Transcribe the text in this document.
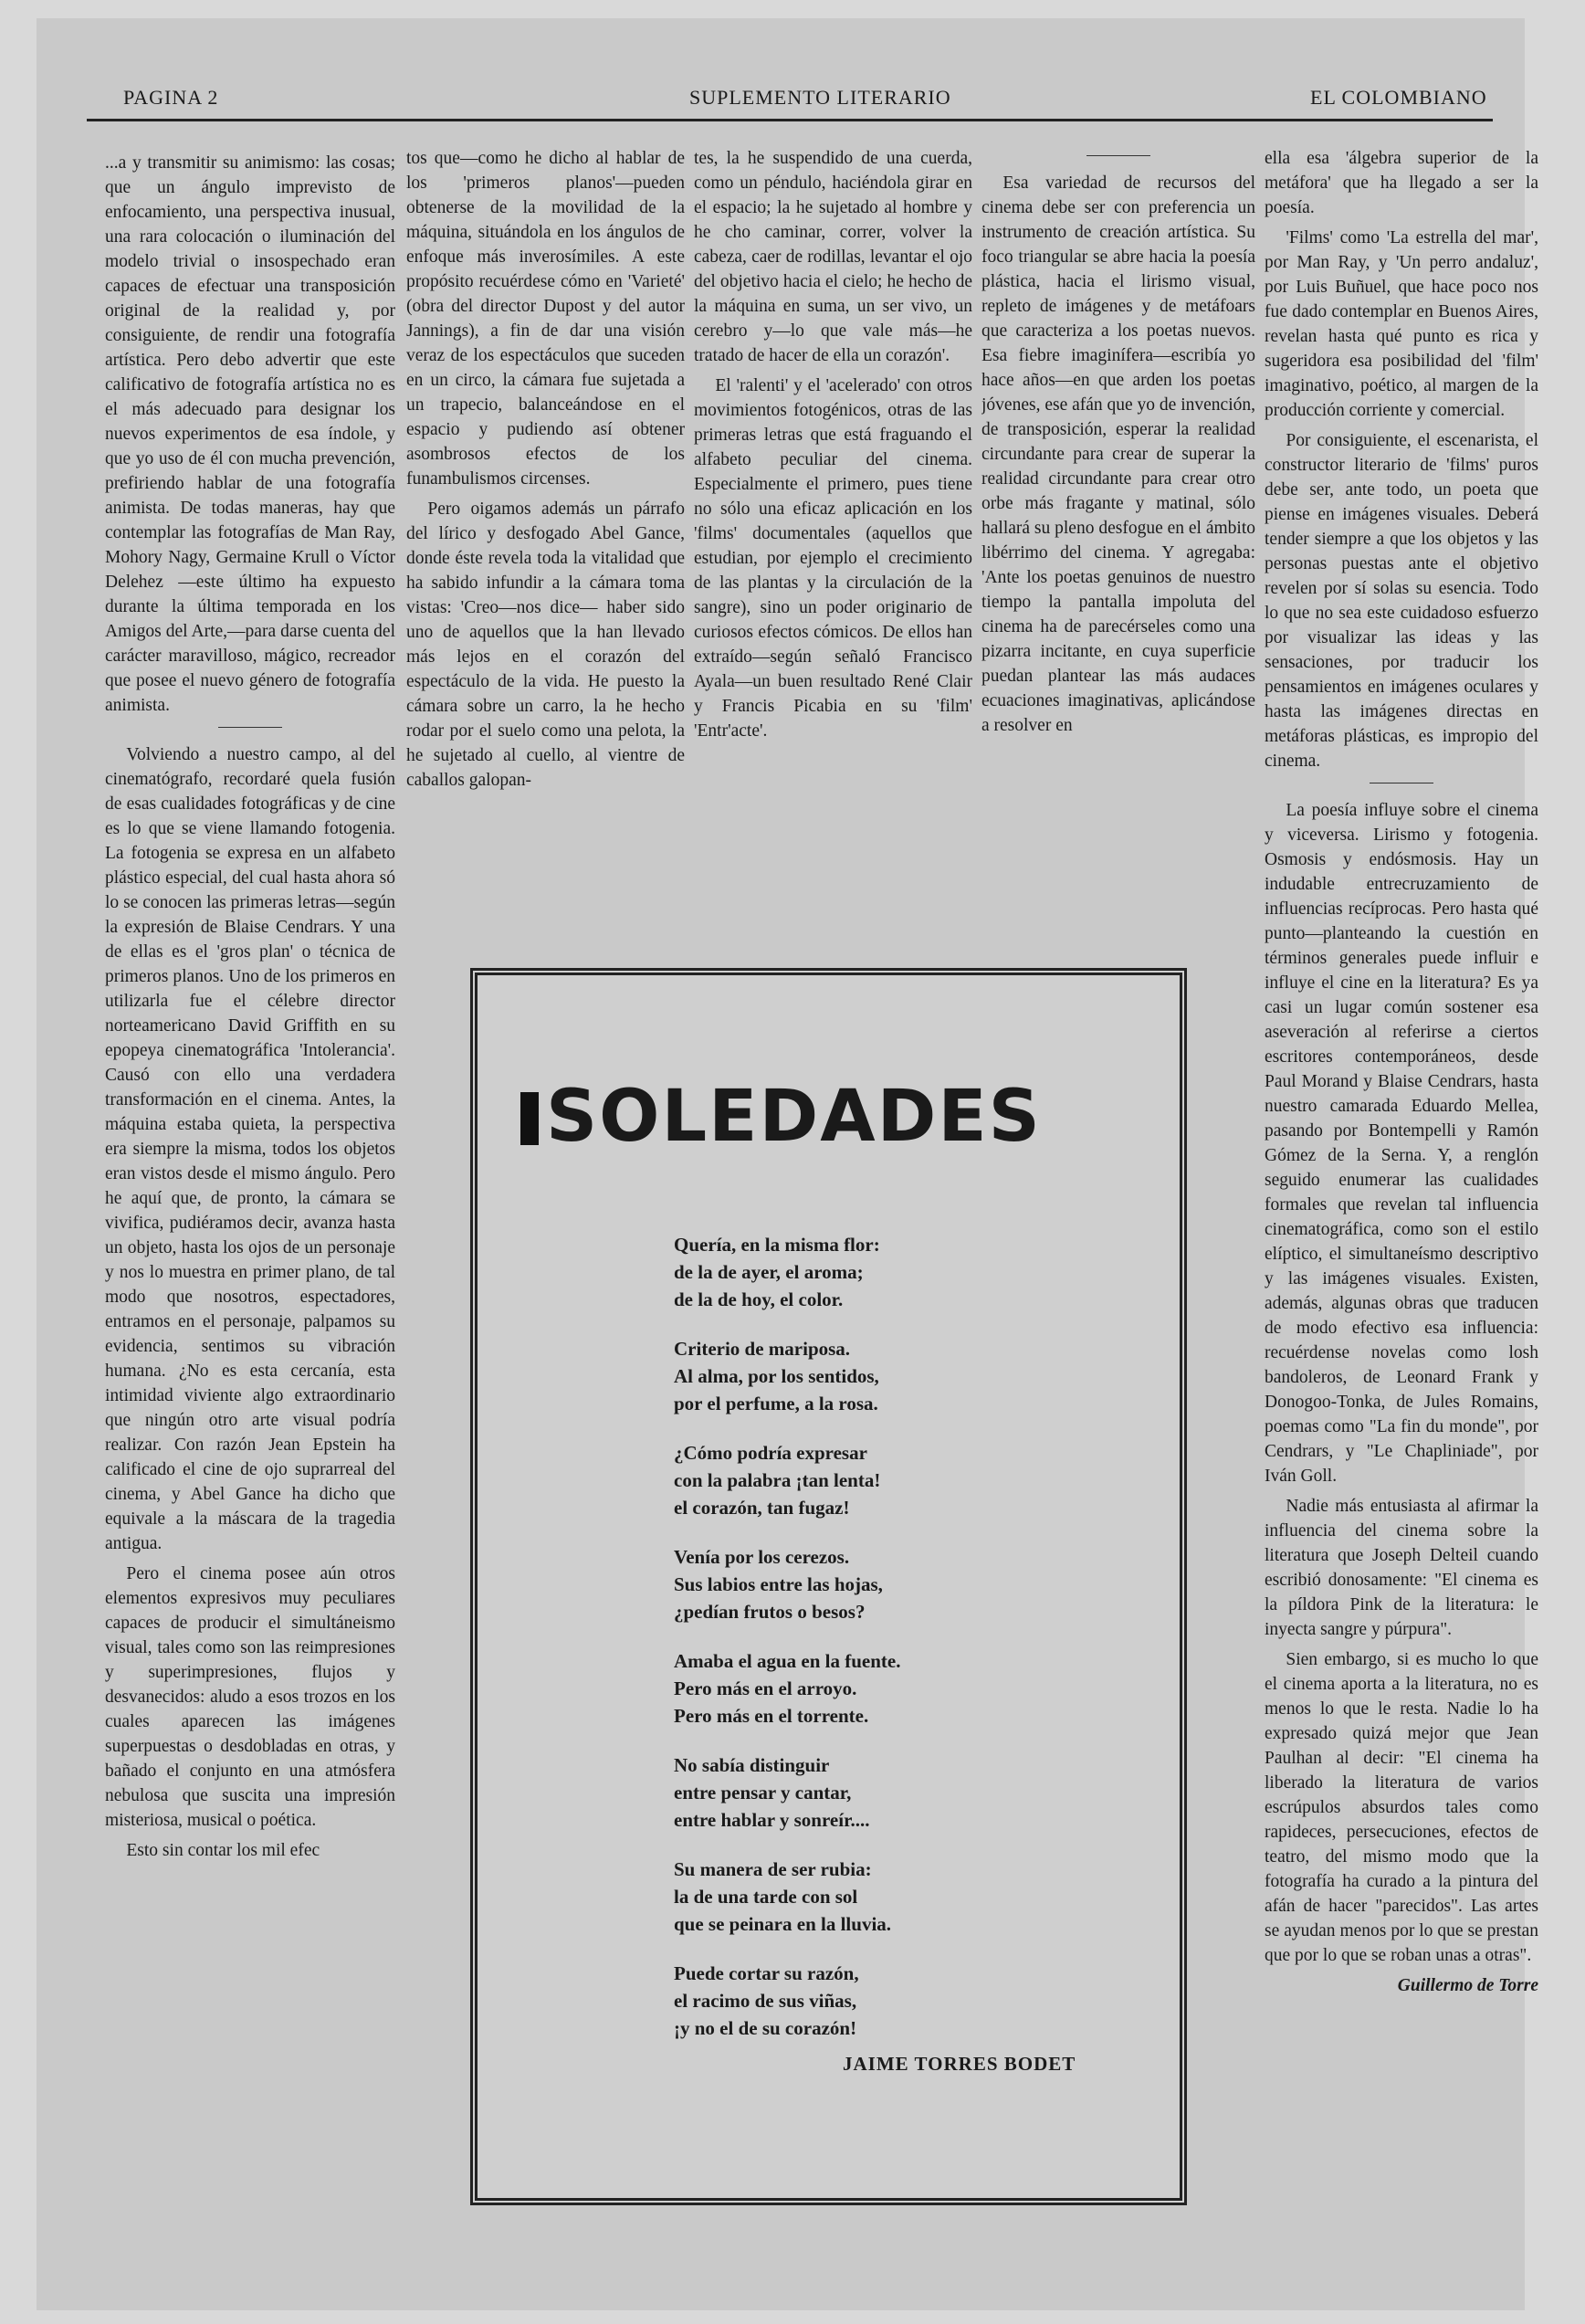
PAGINA 2	SUPLEMENTO LITERARIO	EL COLOMBIANO

...a y transmitir su animismo: las cosas; que un ángulo imprevisto de enfocamiento, una perspectiva inusual, una rara colocación o iluminación del modelo trivial o insospechado eran capaces de efectuar una transposición original de la realidad y, por consiguiente, de rendir una fotografía artística. Pero debo advertir que este calificativo de fotografía artística no es el más adecuado para designar los nuevos experimentos de esa índole, y que yo uso de él con mucha prevención, prefiriendo hablar de una fotografía animista. De todas maneras, hay que contemplar las fotografías de Man Ray, Mohory Nagy, Germaine Krull o Víctor Delehez —este último ha expuesto durante la última temporada en los Amigos del Arte,—para darse cuenta del carácter maravilloso, mágico, recreador que posee el nuevo género de fotografía animista.

Volviendo a nuestro campo, al del cinematógrafo, recordaré quela fusión de esas cualidades fotográficas y de cine es lo que se viene llamando fotogenia. La fotogenia se expresa en un alfabeto plástico especial, del cual hasta ahora só lo se conocen las primeras letras—según la expresión de Blaise Cendrars. Y una de ellas es el 'gros plan' o técnica de primeros planos. Uno de los primeros en utilizarla fue el célebre director norteamericano David Griffith en su epopeya cinematográfica 'Intolerancia'. Causó con ello una verdadera transformación en el cinema. Antes, la máquina estaba quieta, la perspectiva era siempre la misma, todos los objetos eran vistos desde el mismo ángulo. Pero he aquí que, de pronto, la cámara se vivifica, pudiéramos decir, avanza hasta un objeto, hasta los ojos de un personaje y nos lo muestra en primer plano, de tal modo que nosotros, espectadores, entramos en el personaje, palpamos su evidencia, sentimos su vibración humana. ¿No es esta cercanía, esta intimidad viviente algo extraordinario que ningún otro arte visual podría realizar. Con razón Jean Epstein ha calificado el cine de ojo suprarreal del cinema, y Abel Gance ha dicho que equivale a la máscara de la tragedia antigua.

Pero el cinema posee aún otros elementos expresivos muy peculiares capaces de producir el simultáneismo visual, tales como son las reimpresiones y superimpresiones, flujos y desvanecidos: aludo a esos trozos en los cuales aparecen las imágenes superpuestas o desdobladas en otras, y bañado el conjunto en una atmósfera nebulosa que suscita una impresión misteriosa, musical o poética.

Esto sin contar los mil efec

tos que—como he dicho al hablar de los 'primeros planos'—pueden obtenerse de la movilidad de la máquina, situándola en los ángulos de enfoque más inverosímiles. A este propósito recuérdese cómo en 'Varieté' (obra del director Dupost y del autor Jannings), a fin de dar una visión veraz de los espectáculos que suceden en un circo, la cámara fue sujetada a un trapecio, balanceándose en el espacio y pudiendo así obtener asombrosos efectos de los funambulismos circenses.

Pero oigamos además un párrafo del lírico y desfogado Abel Gance, donde éste revela toda la vitalidad que ha sabido infundir a la cámara toma vistas: 'Creo—nos dice— haber sido uno de aquellos que la han llevado más lejos en el corazón del espectáculo de la vida. He puesto la cámara sobre un carro, la he hecho rodar por el suelo como una pelota, la he sujetado al cuello, al vientre de caballos galopan-

tes, la he suspendido de una cuerda, como un péndulo, haciéndola girar en el espacio; la he sujetado al hombre y he cho caminar, correr, volver la cabeza, caer de rodillas, levantar el ojo del objetivo hacia el cielo; he hecho de la máquina en suma, un ser vivo, un cerebro y—lo que vale más—he tratado de hacer de ella un corazón'.

El 'ralenti' y el 'acelerado' con otros movimientos fotogénicos, otras de las primeras letras que está fraguando el alfabeto peculiar del cinema. Especialmente el primero, pues tiene no sólo una eficaz aplicación en los 'films' documentales (aquellos que estudian, por ejemplo el crecimiento de las plantas y la circulación de la sangre), sino un poder originario de curiosos efectos cómicos. De ellos han extraído—según señaló Francisco Ayala—un buen resultado René Clair y Francis Picabia en su 'film' 'Entr'acte'.

Esa variedad de recursos del cinema debe ser con preferencia un instrumento de creación artística. Su foco triangular se abre hacia la poesía plástica, hacia el lirismo visual, repleto de imágenes y de metáfoars que caracteriza a los poetas nuevos. Esa fiebre imaginífera—escribía yo hace años—en que arden los poetas jóvenes, ese afán que yo de invención, de transposición, esperar la realidad circundante para crear de superar la realidad circundante para crear otro orbe más fragante y matinal, sólo hallará su pleno desfogue en el ámbito libérrimo del cinema. Y agregaba: 'Ante los poetas genuinos de nuestro tiempo la pantalla impoluta del cinema ha de parecérseles como una pizarra incitante, en cuya superficie puedan plantear las más audaces ecuaciones imaginativas, aplicándose a resolver en

ella esa 'álgebra superior de la metáfora' que ha llegado a ser la poesía.

'Films' como 'La estrella del mar', por Man Ray, y 'Un perro andaluz', por Luis Buñuel, que hace poco nos fue dado contemplar en Buenos Aires, revelan hasta qué punto es rica y sugeridora esa posibilidad del 'film' imaginativo, poético, al margen de la producción corriente y comercial.

Por consiguiente, el escenarista, el constructor literario de 'films' puros debe ser, ante todo, un poeta que piense en imágenes visuales. Deberá tender siempre a que los objetos y las personas puestas ante el objetivo revelen por sí solas su esencia. Todo lo que no sea este cuidadoso esfuerzo por visualizar las ideas y las sensaciones, por traducir los pensamientos en imágenes oculares y hasta las imágenes directas en metáforas plásticas, es impropio del cinema.

La poesía influye sobre el cinema y viceversa. Lirismo y fotogenia. Osmosis y endósmosis. Hay un indudable entrecruzamiento de influencias recíprocas. Pero hasta qué punto—planteando la cuestión en términos generales puede influir e influye el cine en la literatura? Es ya casi un lugar común sostener esa aseveración al referirse a ciertos escritores contemporáneos, desde Paul Morand y Blaise Cendrars, hasta nuestro camarada Eduardo Mellea, pasando por Bontempelli y Ramón Gómez de la Serna. Y, a renglón seguido enumerar las cualidades formales que revelan tal influencia cinematográfica, como son el estilo elíptico, el simultaneísmo descriptivo y las imágenes visuales. Existen, además, algunas obras que traducen de modo efectivo esa influencia: recuérdense novelas como losh bandoleros, de Leonard Frank y Donogoo-Tonka, de Jules Romains, poemas como "La fin du monde", por Cendrars, y "Le Chapliniade", por Iván Goll.

Nadie más entusiasta al afirmar la influencia del cinema sobre la literatura que Joseph Delteil cuando escribió donosamente: "El cinema es la píldora Pink de la literatura: le inyecta sangre y púrpura".

Sien embargo, si es mucho lo que el cinema aporta a la literatura, no es menos lo que le resta. Nadie lo ha expresado quizá mejor que Jean Paulhan al decir: "El cinema ha liberado la literatura de varios escrúpulos absurdos tales como rapideces, persecuciones, efectos de teatro, del mismo modo que la fotografía ha curado a la pintura del afán de hacer "parecidos". Las artes se ayudan menos por lo que se prestan que por lo que se roban unas a otras".

Guillermo de Torre
SOLEDADES
Quería, en la misma flor:
de la de ayer, el aroma;
de la de hoy, el color.
Criterio de mariposa.
Al alma, por los sentidos,
por el perfume, a la rosa.
¿Cómo podría expresar
con la palabra ¡tan lenta!
el corazón, tan fugaz!
Venía por los cerezos.
Sus labios entre las hojas,
¿pedían frutos o besos?
Amaba el agua en la fuente.
Pero más en el arroyo.
Pero más en el torrente.
No sabía distinguir
entre pensar y cantar,
entre hablar y sonreír....
Su manera de ser rubia:
la de una tarde con sol
que se peinara en la lluvia.
Puede cortar su razón,
el racimo de sus viñas,
¡y no el de su corazón!
JAIME TORRES BODET
